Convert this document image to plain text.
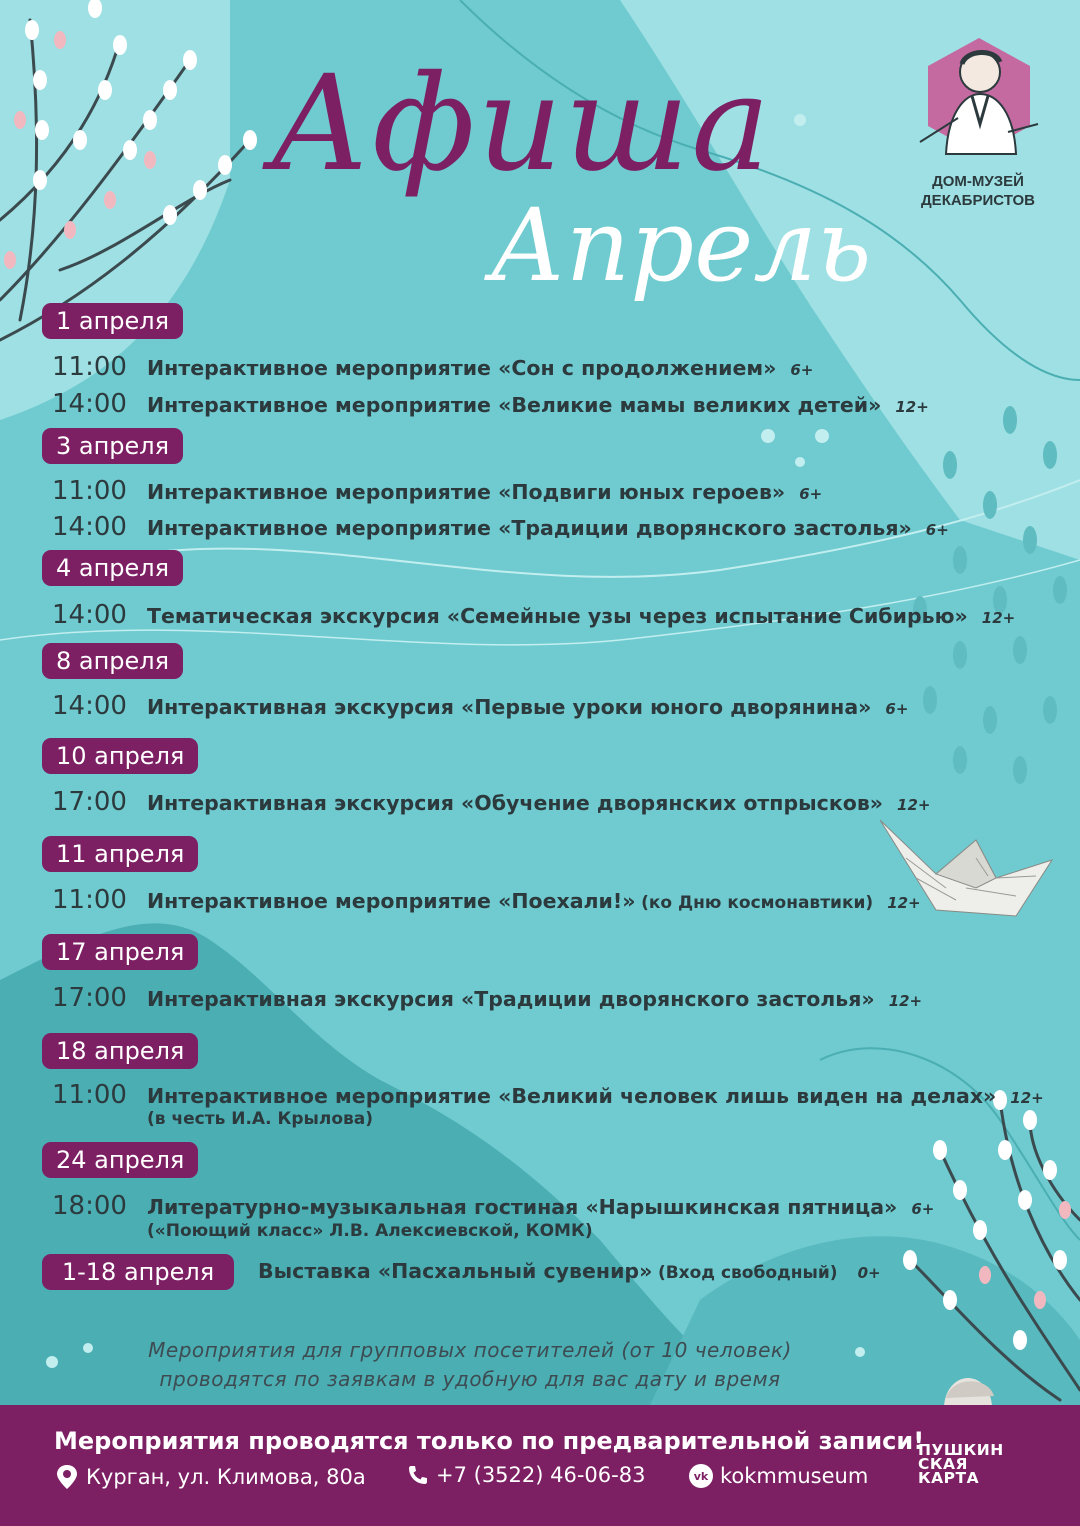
Афиша
Апрель
ДОМ-МУЗЕЙ
ДЕКАБРИСТОВ
1 апреля
11:00 Интерактивное мероприятие «Сон с продолжением» 6+
14:00 Интерактивное мероприятие «Великие мамы великих детей» 12+
3 апреля
11:00 Интерактивное мероприятие «Подвиги юных героев» 6+
14:00 Интерактивное мероприятие «Традиции дворянского застолья» 6+
4 апреля
14:00 Тематическая экскурсия «Семейные узы через испытание Сибирью» 12+
8 апреля
14:00 Интерактивная экскурсия «Первые уроки юного дворянина» 6+
10 апреля
17:00 Интерактивная экскурсия «Обучение дворянских отпрысков» 12+
11 апреля
11:00 Интерактивное мероприятие «Поехали!» (ко Дню космонавтики) 12+
17 апреля
17:00 Интерактивная экскурсия «Традиции дворянского застолья» 12+
18 апреля
11:00 Интерактивное мероприятие «Великий человек лишь виден на делах» 12+
(в честь И.А. Крылова)
24 апреля
18:00 Литературно-музыкальная гостиная «Нарышкинская пятница» 6+
(«Поющий класс» Л.В. Алексиевской, КОМК)
1-18 апреля	Выставка «Пасхальный сувенир» (Вход свободный) 0+
Мероприятия для групповых посетителей (от 10 человек)
проводятся по заявкам в удобную для вас дату и время
Мероприятия проводятся только по предварительной записи!
Курган, ул. Климова, 80а	+7 (3522) 46-06-83	vk kokmmuseum
ПУШКИН
СКАЯ
КАРТА
